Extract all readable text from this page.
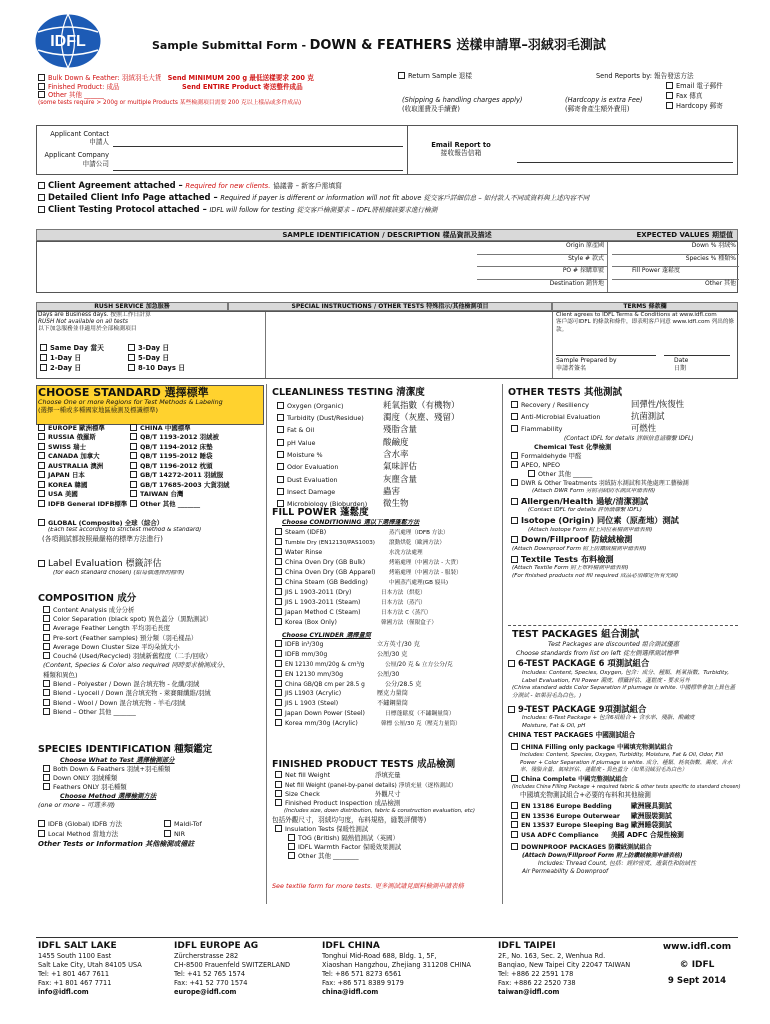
IDFL	Sample Submittal Form - DOWN & FEATHERS 送樣申請單–羽絨羽毛測試
Bulk Down & Feather: 羽絨羽毛大貨 Send MINIMUM 200 g 最低送樣要求 200 克
Finished Product: 成品	Send ENTIRE Product 寄送整件成品
Other 其他 ______
(some tests require > 200g or multiple Products 某些檢測項目需要 200 克以上樣品或多件成品)
Return Sample 退樣	Send Reports by: 報告發送方法
Email 電子郵件
Fax 傳真
Hardcopy 郵寄
(Shipping & handling charges apply)
(收取運費及手續費)
(Hardcopy is extra Fee)
(郵寄會產生額外費用)
Applicant Contact
申請人
Applicant Company
申請公司
Email Report to
接收報告信箱
Client Agreement attached – Required for new clients. 協議書 – 新客戶需填寫
Detailed Client Info Page attached – Required if payer is different or information will not fit above 從交客戶詳細信息 – 如付款人不同或資料與上述內容不同
Client Testing Protocol attached – IDFL will follow for testing 從交客戶檢測要求 – IDFL將根據該要求進行檢測
SAMPLE IDENTIFICATION / DESCRIPTION 樣品資訊及描述	EXPECTED VALUES 期望值
Origin 原產國
Style # 款式
PO # 採購單號
Destination 銷售地
Down % 羽絨%
Species % 種類%
Fill Power 蓬鬆度
Other 其他
RUSH SERVICE 加急服務	SPECIAL INSTRUCTIONS / OTHER TESTS 特殊指示/其他檢測項目	TERMS 條款欄
Days are Business days. 按照工作日計算
RUSH Not available on all tests
以下加急服務並非適用於全部檢測項目
Same Day 當天
1-Day 日
2-Day 日
3-Day 日
5-Day 日
8-10 Days 日
Client agrees to IDFL Terms & Conditions at www.idfl.com
客戶認可IDFL 的條款和條件，即表明客戶同意 www.idfl.com 列出的條款。
Sample Prepared by
申請者簽名
Date
日期
CHOOSE STANDARD 選擇標準
Choose One or more Regions for Test Methods & Labeling
(選擇一種或多種國家地區檢測及標識標準)
EUROPE 歐洲標準
RUSSIA 俄羅斯
SWISS 瑞士
CANADA 加拿大
AUSTRALIA 澳洲
JAPAN 日本
KOREA 韓國
USA 美國
IDFB General IDFB標準
CHINA 中國標準
QB/T 1193-2012 羽絨被
QB/T 1194-2012 床墊
QB/T 1195-2012 睡袋
QB/T 1196-2012 枕頭
GB/T 14272-2011 羽絨服
GB/T 17685-2003 大貨羽絨
TAIWAN 台灣
Other 其他 _______
GLOBAL (Composite) 全球（綜合）
(Each test according to strictest method & standard)
(各項測試都按照最嚴格的標準方法進行)
Label Evaluation 標籤評估
(for each standard chosen) (給每個選擇的標準)
COMPOSITION 成分
Content Analysis 成分分析
Color Separation (black spot) 異色蓋分（黑點測試）
Average Feather Length 平均羽毛長度
Pre-sort (Feather samples) 預分類（羽毛樣品）
Average Down Cluster Size 平均朵絨大小
Couché (Used/Recycled) 羽絨新舊程度（二手/回收）
(Content, Species & Color also required 同時要求檢測成分、
種類和異色)
Blend - Polyester / Down 混合填充物 - 化纖/羽絨
Blend - Lyocell / Down 混合填充物 - 萊賽爾纖維/羽絨
Blend - Wool / Down 混合填充物 - 羊毛/羽絨
Blend – Other 其他 _______
SPECIES IDENTIFICATION 種類鑑定
Choose What to Test 選擇檢測部分
Both Down & Feathers 羽絨+羽毛種類
Down ONLY 羽絨種類
Feathers ONLY 羽毛種類
Choose Method 選擇檢測方法
(one or more – 可選多項)
IDFB (Global) IDFB 方法	Maldi-Tof
Local Method 當地方法	NIR
Other Tests or Information 其他檢測或備註
CLEANLINESS TESTING 清潔度
Oxygen (Organic)	耗氧指數（有機物）
Turbidity (Dust/Residue) 濁度（灰塵、殘留）
Fat & Oil	殘脂含量
pH Value	酸鹼度
Moisture %	含水率
Odor Evaluation	氣味評估
Dust Evaluation	灰塵含量
Insect Damage	蟲害
Microbiology (Bioburden) 微生物
FILL POWER 蓬鬆度
Choose CONDITIONING 選以下選擇蓬鬆方法
Steam (IDFB)	蒸汽處理（IDFB 方法）
Tumble Dry (EN12130/PAS1003)	滾動烘乾（歐洲方法）
Water Rinse	水洗方法處理
China Oven Dry (GB Bulk)	烤箱處理（中國方法 - 大貨）
China Oven Dry (GB Apparel) 烤箱處理（中國方法 - 服裝）
China Steam (GB Bedding)	中國蒸汽處理(GB 寢具)
JIS L 1903-2011 (Dry)	日本方法（烘乾）
JIS L 1903-2011 (Steam)	日本方法（蒸汽）
Japan Method C (Steam)	日本方法 C（蒸汽）
Korea (Box Only)	韓國方法（僅限盒子）
Choose CYLINDER 選擇量筒
IDFB in³/30g	立方英寸/30 克
IDFB mm/30g	公厘/30 克
EN 12130 mm/20g & cm³/g	公厘/20 克 & 立方公分/克
EN 12130 mm/30g	公厘/30
China GB/QB cm per 28.5 g	公分/28.5 克
JIS L1903 (Acrylic)	壓克力量筒
JIS L 1903 (Steel)	不鏽鋼量筒
Japan Down Power (Steel)	日標蓬鬆度（不鏽鋼量筒）
Korea mm/30g (Acrylic)	韓標 公厘/30 克（壓克力量筒）
FINISHED PRODUCT TESTS 成品檢測
Net fill Weight	淨填充量
Net fill Weight (panel-by-panel details) 淨填充量（逐格測試）
Size Check	外觀尺寸
Finished Product Inspection 成品檢測
(Includes size, down distribution, fabric & construction evaluation, etc)
包括外觀尺寸，羽絨均勻度，布料規格，縫製評價等)
Insulation Tests 保暖性測試
TOG (British) 隔熱值測試（英國）
IDFL Warmth Factor 保暖效果測試
Other 其他 ________
See textile form for more tests. 更多測試請見面料檢測申請表格
OTHER TESTS 其他測試
Recovery / Resiliency	回彈性/恢復性
Anti-Microbial Evaluation	抗菌測試
Flammability	可燃性
(Contact IDFL for details 詳細信息請聯繫 IDFL)
Chemical Test 化學檢測
Formaldehyde 甲醛
APEO, NPEO
Other 其他 ______
DWR & Other Treatments 羽絨防水測試和其他處理工藝檢測
(Attach DWR Form 另附羽絨防水測試申請表格)
Allergen/Health 過敏/清潔測試
(Contact IDFL for details 詳情請聯繫 IDFL)
Isotope (Origin) 同位素（原產地）測試
(Attach Isotope Form 附上同位素檢測申請表格)
Down/Fillproof 防絨絨檢測
(Attach Downproof Form 附上防鑽絨檢測申請表格)
Textile Tests 布料檢測
(Attach Textile Form 附上布料檢測申請表格)
(For finished products not fill required 成品必須確定所有充絨)
TEST PACKAGES 組合測試
Test Packages are discounted 組合測試優惠
Choose standards from list on left 從左側選擇測試標準
6-TEST PACKAGE 6 項測試組合
Includes: Content, Species, Oxygen, 包含：成分、種類、耗氧指數、Turbidity, Label Evaluation, Fill Power 濁度、標籤評估、蓬鬆度 - 要求另外
(China standard adds Color Separation if plumage is white. 中國標準會加上異色蓋分測試 - 如果羽毛為白色。)
9-TEST PACKAGE 9項測試組合
Includes: 6-Test Package + 包含6項組合 + 含水率、殘脂、酸鹼度
Moisture, Fat & Oil, pH
CHINA TEST PACKAGES 中國測試組合
CHINA Filling only package 中國填充物測試組合
Includes: Content, Species, Oxygen, Turbidity, Moisture, Fat & Oil, Odor, Fill Power + Color Separation if plumage is white. 成分、種類、耗氧指數、濁度、含水率、殘脂含量、氣味評估、蓬鬆度 - 異色蓋分（如果羽絨羽毛為白色）
China Complete 中國完整測試組合
(Includes China Filling Package + required fabric & other tests specific to standard chosen)
中國填充物測試組合+必要的布料和其他檢測
EN 13186 Europe Bedding	歐洲寢具測試
EN 13536 Europe Outerwear 歐洲服裝測試
EN 13537 Europe Sleeping Bag 歐洲睡袋測試
USA ADFC Compliance 美國 ADFC 合規性檢測
DOWNPROOF PACKAGES 防鑽絨測試組合
(Attach Down/Fillproof Form 附上防鑽絨檢測申請表格)
Includes: Thread Count, 包括：經紗密度、透氣性和防絨性
Air Permeability & Downproof
IDFL SALT LAKE
1455 South 1100 East
Salt Lake City, Utah 84105 USA
Tel: +1 801 467 7611
Fax: +1 801 467 7711
info@idfl.com
IDFL EUROPE AG
Zürcherstrasse 282
CH-8500 Frauenfeld SWITZERLAND
Tel: +41 52 765 1574
Fax: +41 52 770 1574
europe@idfl.com
IDFL CHINA
Tonghui Mid-Road 688, Bldg. 1, 5F,
Xiaoshan Hangzhou, Zhejiang 311208 CHINA
Tel: +86 571 8273 6561
Fax: +86 571 8389 9179
china@idfl.com
IDFL TAIPEI
2F., No. 163, Sec. 2, Wenhua Rd.
Banqiao, New Taipei City 22047 TAIWAN
Tel: +886 22 2591 178
Fax: +886 22 2520 738
taiwan@idfl.com
www.idfl.com
© IDFL
9 Sept 2014
